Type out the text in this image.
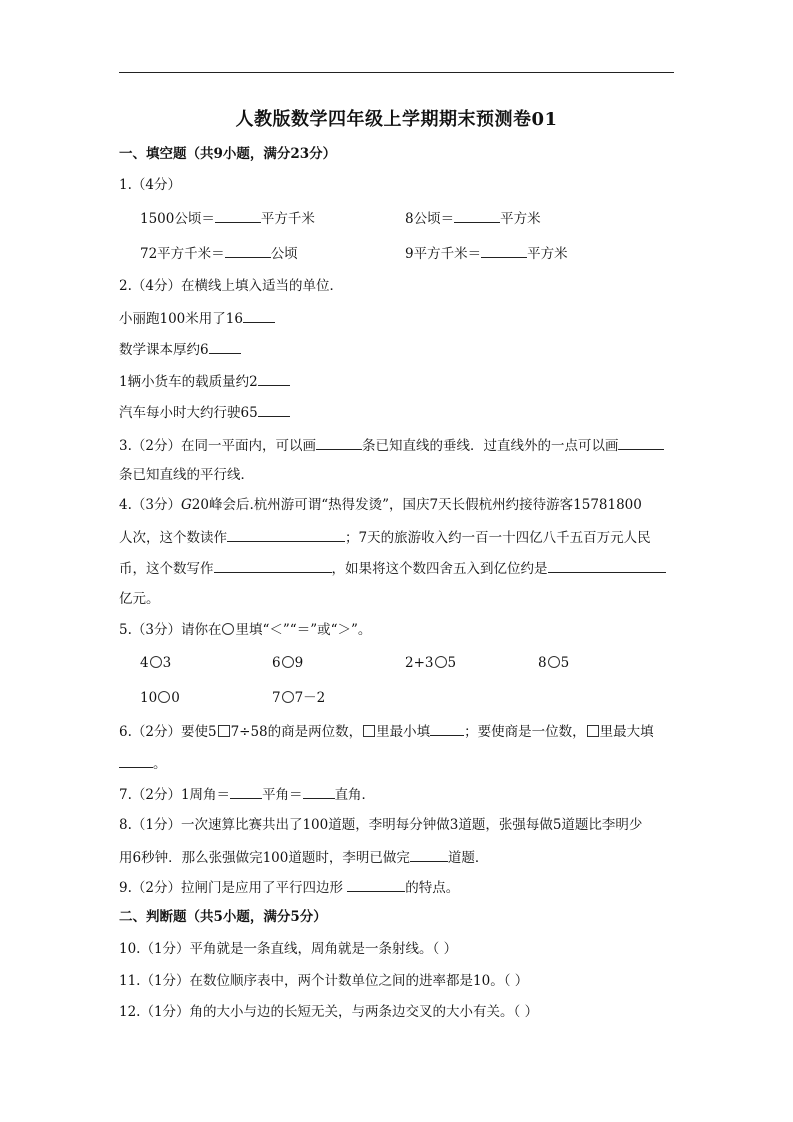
人教版数学四年级上学期期末预测卷01
一、填空题（共9小题，满分23分）
1.（4分）
1500公顷＝	平方千米	8公顷＝	平方米
72平方千米＝	公顷	9平方千米＝	平方米
2.（4分）在横线上填入适当的单位．
小丽跑100米用了16
数学课本厚约6
1辆小货车的载质量约2
汽车每小时大约行驶65
3.（2分）在同一平面内，可以画	条已知直线的垂线．过直线外的一点可以画
条已知直线的平行线．
4.（3分）G20峰会后.杭州游可谓“热得发烫”，国庆7天长假杭州约接待游客15781800
人次，这个数读作	；7天的旅游收入约一百一十四亿八千五百万元人民
币，这个数写作	，如果将这个数四舍五入到亿位约是
亿元。
5.（3分）请你在 里填“＜”“＝”或“＞”。
4 3	6 9	2+3 5	8 5
10 0	7 7－2
6.（2分）要使5 7÷58的商是两位数， 里最小填	；要使商是一位数， 里最大填
。
7.（2分）1周角＝ 平角＝ 直角．
8.（1分）一次速算比赛共出了100道题，李明每分钟做3道题，张强每做5道题比李明少
用6秒钟．那么张强做完100道题时，李明已做完	道题．
9.（2分）拉闸门是应用了平行四边形	的特点。
二、判断题（共5小题，满分5分）
10.（1分）平角就是一条直线，周角就是一条射线。（ ）
11.（1分）在数位顺序表中，两个计数单位之间的进率都是10。（ ）
12.（1分）角的大小与边的长短无关，与两条边交叉的大小有关。（ ）
